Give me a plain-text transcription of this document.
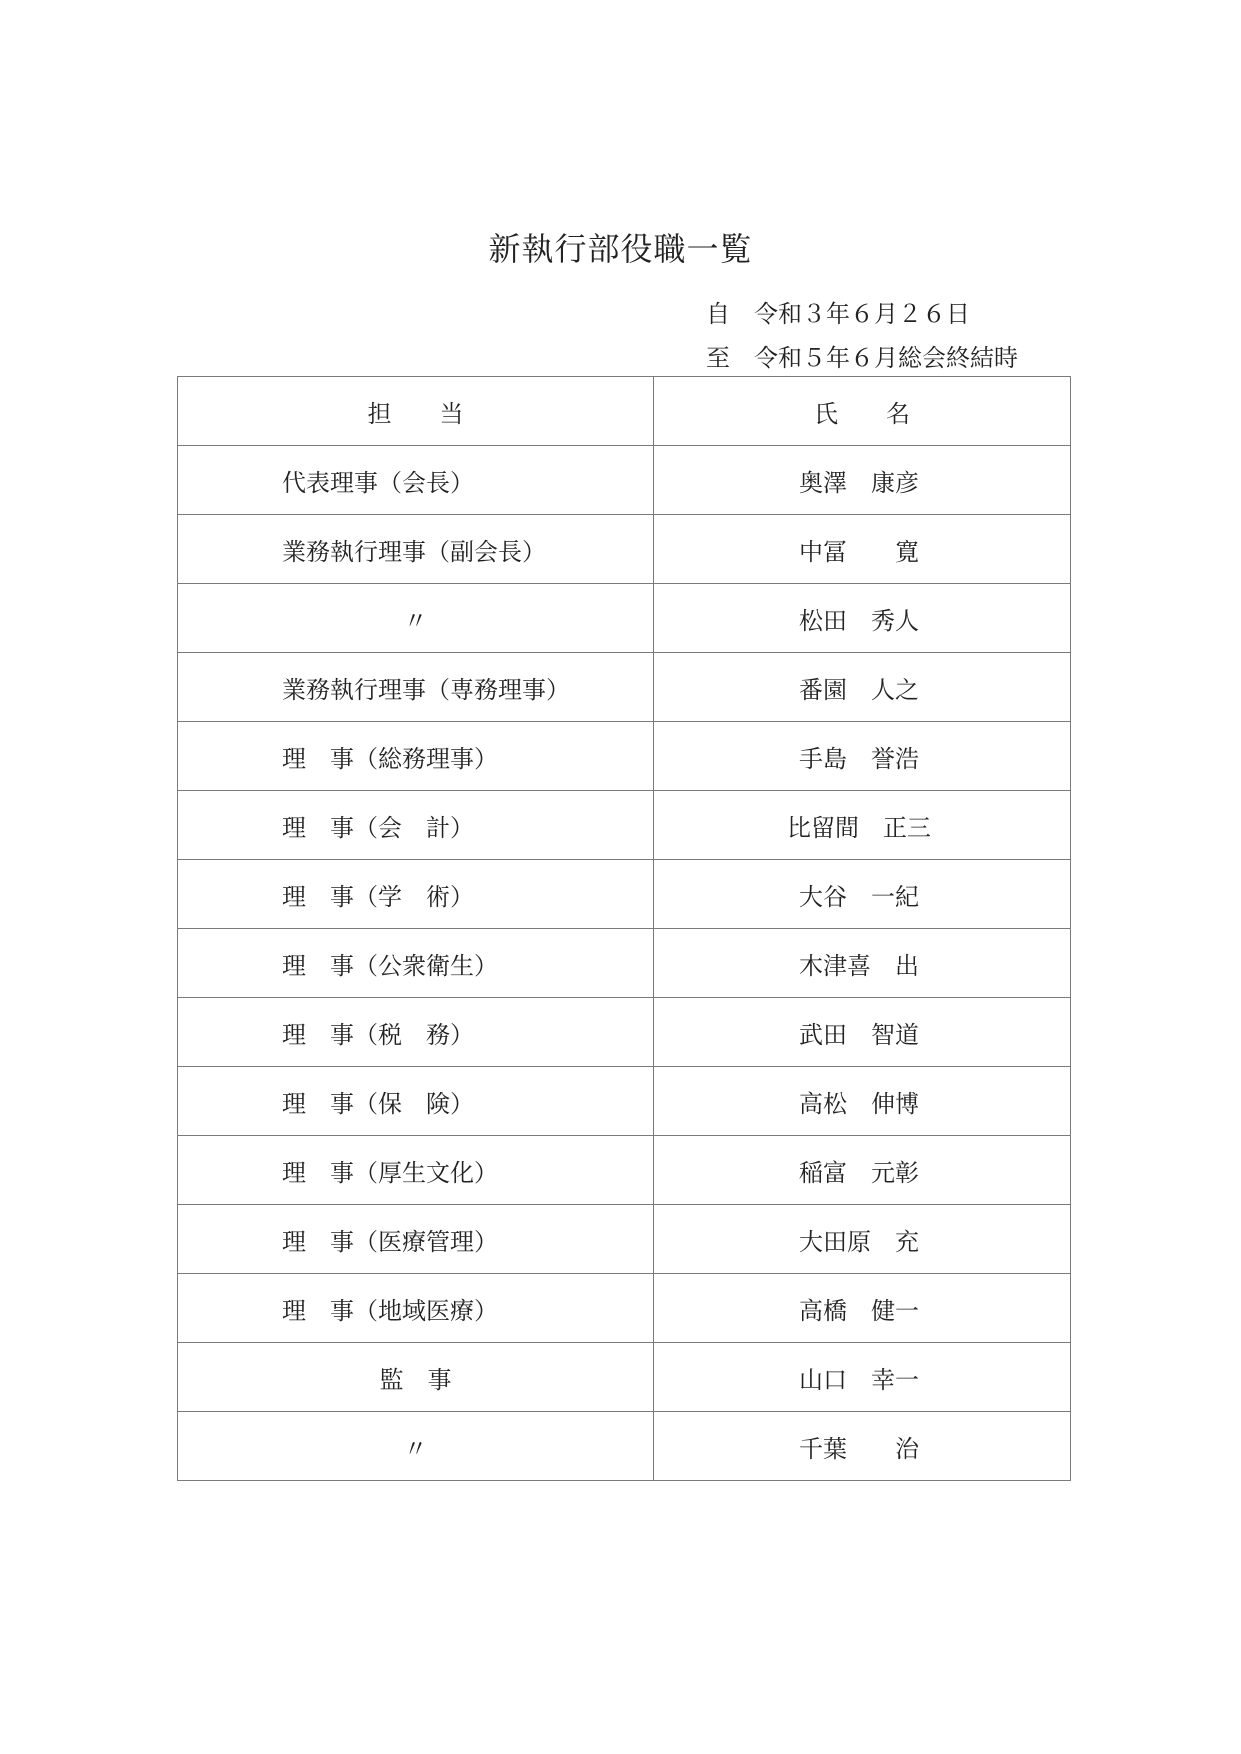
新執行部役職一覧
自　令和３年６月２６日
至　令和５年６月総会終結時
担　　当	氏　　名
代表理事（会長）	奥澤　康彦
業務執行理事（副会長）	中冨　　寛
〃	松田　秀人
業務執行理事（専務理事）	番園　人之
理　事（総務理事）	手島　誉浩
理　事（会　計）	比留間　正三
理　事（学　術）	大谷　一紀
理　事（公衆衛生）	木津喜　出
理　事（税　務）	武田　智道
理　事（保　険）	高松　伸博
理　事（厚生文化）	稲富　元彰
理　事（医療管理）	大田原　充
理　事（地域医療）	高橋　健一
監　事	山口　幸一
〃	千葉　　治
